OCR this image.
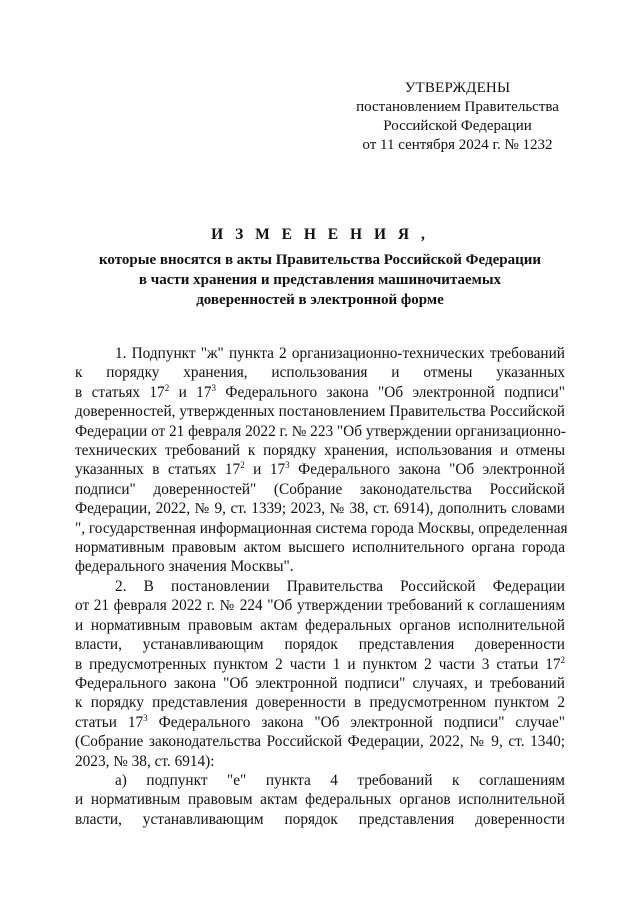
УТВЕРЖДЕНЫ
постановлением Правительства
Российской Федерации
от 11 сентября 2024 г. № 1232
И З М Е Н Е Н И Я ,
которые вносятся в акты Правительства Российской Федерации
в части хранения и представления машиночитаемых
доверенностей в электронной форме
1. Подпункт "ж" пункта 2 организационно-технических требований
к порядку хранения, использования и отмены указанных
в статьях $17^2$ и $17^3$ Федерального закона "Об электронной подписи"
доверенностей, утвержденных постановлением Правительства Российской
Федерации от 21 февраля 2022 г. № 223 "Об утверждении организационно-
технических требований к порядку хранения, использования и отмены
указанных в статьях $17^2$ и $17^3$ Федерального закона "Об электронной
подписи" доверенностей" (Собрание законодательства Российской
Федерации, 2022, № 9, ст. 1339; 2023, № 38, ст. 6914), дополнить словами
", государственная информационная система города Москвы, определенная
нормативным правовым актом высшего исполнительного органа города
федерального значения Москвы".
2. В постановлении Правительства Российской Федерации
от 21 февраля 2022 г. № 224 "Об утверждении требований к соглашениям
и нормативным правовым актам федеральных органов исполнительной
власти, устанавливающим порядок представления доверенности
в предусмотренных пунктом 2 части 1 и пунктом 2 части 3 статьи $17^2$
Федерального закона "Об электронной подписи" случаях, и требований
к порядку представления доверенности в предусмотренном пунктом 2
статьи $17^3$ Федерального закона "Об электронной подписи" случае"
(Собрание законодательства Российской Федерации, 2022, № 9, ст. 1340;
2023, № 38, ст. 6914):
а) подпункт "е" пункта 4 требований к соглашениям
и нормативным правовым актам федеральных органов исполнительной
власти, устанавливающим порядок представления доверенности
